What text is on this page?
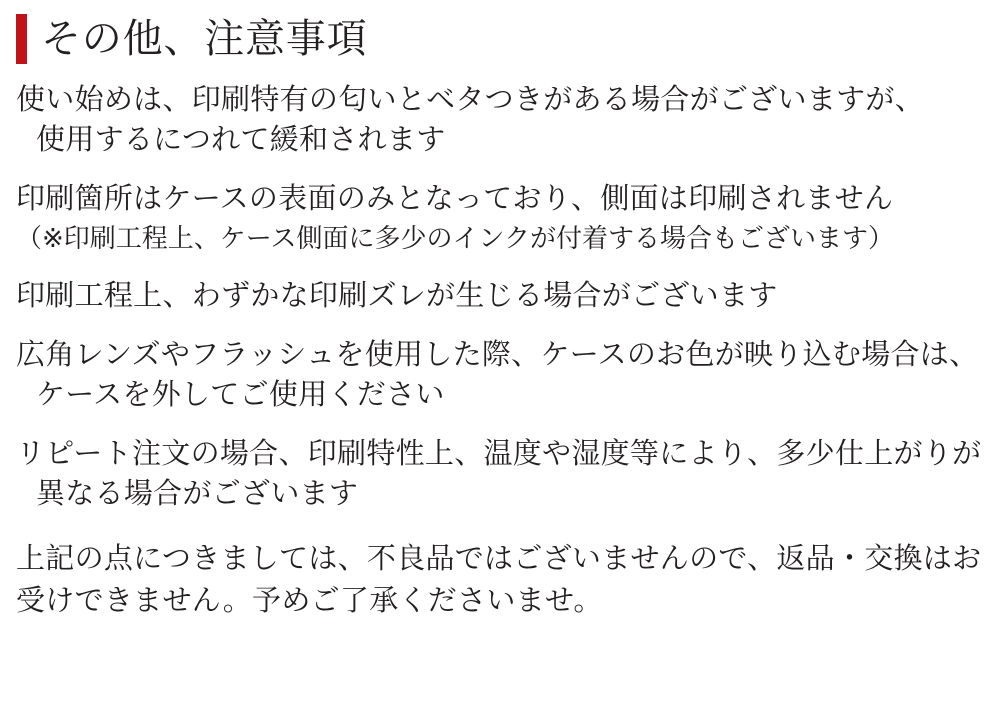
その他、注意事項
使い始めは、印刷特有の匂いとベタつきがある場合がございますが、
使用するにつれて緩和されます
印刷箇所はケースの表面のみとなっており、側面は印刷されません
（※印刷工程上、ケース側面に多少のインクが付着する場合もございます）
印刷工程上、わずかな印刷ズレが生じる場合がございます
広角レンズやフラッシュを使用した際、ケースのお色が映り込む場合は、
ケースを外してご使用ください
リピート注文の場合、印刷特性上、温度や湿度等により、多少仕上がりが
異なる場合がございます
上記の点につきましては、不良品ではございませんので、返品・交換はお
受けできません。予めご了承くださいませ。
